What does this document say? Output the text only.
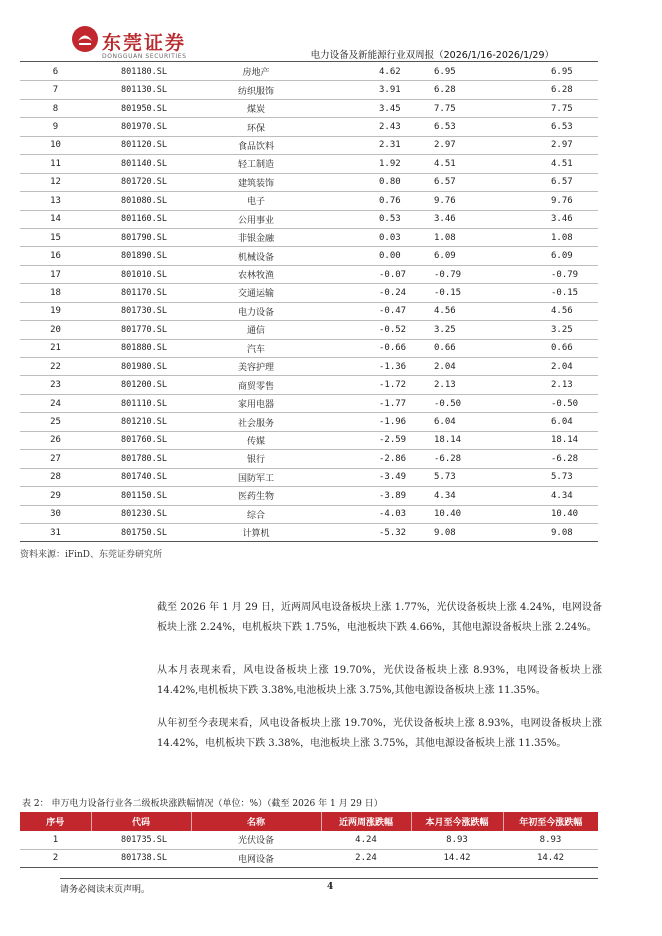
东莞证券
DONGGUAN SECURITIES	电力设备及新能源行业双周报（2026/1/16-2026/1/29）
6	801180.SL	房地产	4.62	6.95	6.95
7	801130.SL	纺织服饰	3.91	6.28	6.28
8	801950.SL	煤炭	3.45	7.75	7.75
9	801970.SL	环保	2.43	6.53	6.53
10	801120.SL	食品饮料	2.31	2.97	2.97
11	801140.SL	轻工制造	1.92	4.51	4.51
12	801720.SL	建筑装饰	0.80	6.57	6.57
13	801080.SL	电子	0.76	9.76	9.76
14	801160.SL	公用事业	0.53	3.46	3.46
15	801790.SL	非银金融	0.03	1.08	1.08
16	801890.SL	机械设备	0.00	6.09	6.09
17	801010.SL	农林牧渔	-0.07	-0.79	-0.79
18	801170.SL	交通运输	-0.24	-0.15	-0.15
19	801730.SL	电力设备	-0.47	4.56	4.56
20	801770.SL	通信	-0.52	3.25	3.25
21	801880.SL	汽车	-0.66	0.66	0.66
22	801980.SL	美容护理	-1.36	2.04	2.04
23	801200.SL	商贸零售	-1.72	2.13	2.13
24	801110.SL	家用电器	-1.77	-0.50	-0.50
25	801210.SL	社会服务	-1.96	6.04	6.04
26	801760.SL	传媒	-2.59	18.14	18.14
27	801780.SL	银行	-2.86	-6.28	-6.28
28	801740.SL	国防军工	-3.49	5.73	5.73
29	801150.SL	医药生物	-3.89	4.34	4.34
30	801230.SL	综合	-4.03	10.40	10.40
31	801750.SL	计算机	-5.32	9.08	9.08
资料来源：iFinD、东莞证券研究所

截至 2026 年 1 月 29 日，近两周风电设备板块上涨 1.77%，光伏设备板块上涨 4.24%，电网设备板块上涨 2.24%，电机板块下跌 1.75%，电池板块下跌 4.66%，其他电源设备板块上涨 2.24%。

从本月表现来看，风电设备板块上涨 19.70%，光伏设备板块上涨 8.93%，电网设备板块上涨 14.42%,电机板块下跌 3.38%,电池板块上涨 3.75%,其他电源设备板块上涨 11.35%。

从年初至今表现来看，风电设备板块上涨 19.70%，光伏设备板块上涨 8.93%，电网设备板块上涨 14.42%，电机板块下跌 3.38%，电池板块上涨 3.75%，其他电源设备板块上涨 11.35%。

表 2： 申万电力设备行业各二级板块涨跌幅情况（单位：%）（截至 2026 年 1 月 29 日）
序号	代码	名称	近两周涨跌幅	本月至今涨跌幅	年初至今涨跌幅
1	801735.SL	光伏设备	4.24	8.93	8.93
2	801738.SL	电网设备	2.24	14.42	14.42
请务必阅读末页声明。	4
